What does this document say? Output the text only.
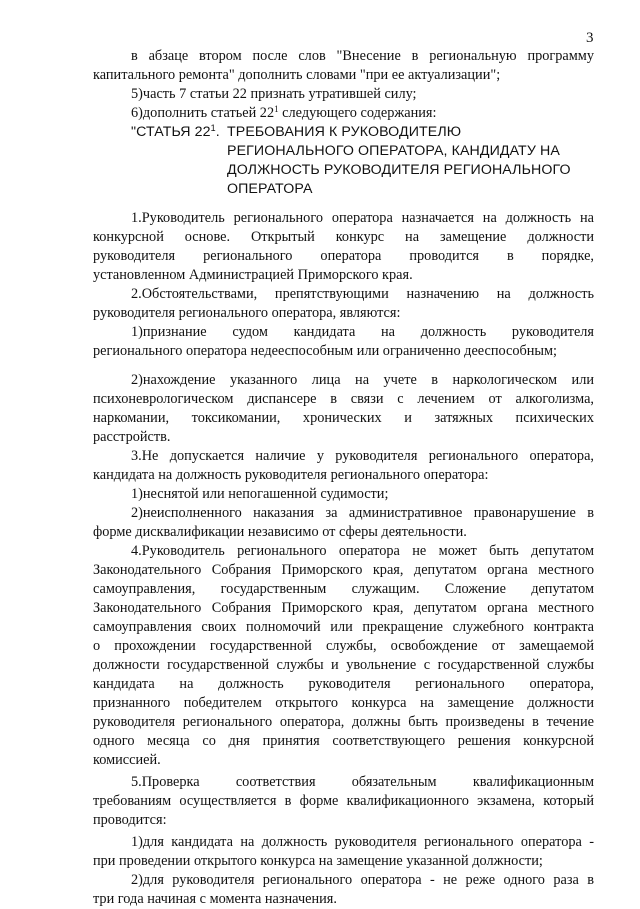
3
в абзаце втором после слов "Внесение в региональную программу
капитального ремонта" дополнить словами "при ее актуализации";
5)часть 7 статьи 22 признать утратившей силу;
6)дополнить статьей $22^1$ следующего содержания:
"СТАТЬЯ $22^1$. ТРЕБОВАНИЯ К РУКОВОДИТЕЛЮ
РЕГИОНАЛЬНОГО ОПЕРАТОРА, КАНДИДАТУ НА
ДОЛЖНОСТЬ РУКОВОДИТЕЛЯ РЕГИОНАЛЬНОГО
ОПЕРАТОРА
1.Руководитель регионального оператора назначается на должность на
конкурсной основе. Открытый конкурс на замещение должности
руководителя регионального оператора проводится в порядке,
установленном Администрацией Приморского края.
2.Обстоятельствами, препятствующими назначению на должность
руководителя регионального оператора, являются:
1)признание судом кандидата на должность руководителя
регионального оператора недееспособным или ограниченно дееспособным;
2)нахождение указанного лица на учете в наркологическом или
психоневрологическом диспансере в связи с лечением от алкоголизма,
наркомании, токсикомании, хронических и затяжных психических
расстройств.
3.Не допускается наличие у руководителя регионального оператора,
кандидата на должность руководителя регионального оператора:
1)неснятой или непогашенной судимости;
2)неисполненного наказания за административное правонарушение в
форме дисквалификации независимо от сферы деятельности.
4.Руководитель регионального оператора не может быть депутатом
Законодательного Собрания Приморского края, депутатом органа местного
самоуправления, государственным служащим. Сложение депутатом
Законодательного Собрания Приморского края, депутатом органа местного
самоуправления своих полномочий или прекращение служебного контракта
о прохождении государственной службы, освобождение от замещаемой
должности государственной службы и увольнение с государственной службы
кандидата на должность руководителя регионального оператора,
признанного победителем открытого конкурса на замещение должности
руководителя регионального оператора, должны быть произведены в течение
одного месяца со дня принятия соответствующего решения конкурсной
комиссией.
5.Проверка соответствия обязательным квалификационным
требованиям осуществляется в форме квалификационного экзамена, который
проводится:
1)для кандидата на должность руководителя регионального оператора -
при проведении открытого конкурса на замещение указанной должности;
2)для руководителя регионального оператора - не реже одного раза в
три года начиная с момента назначения.
